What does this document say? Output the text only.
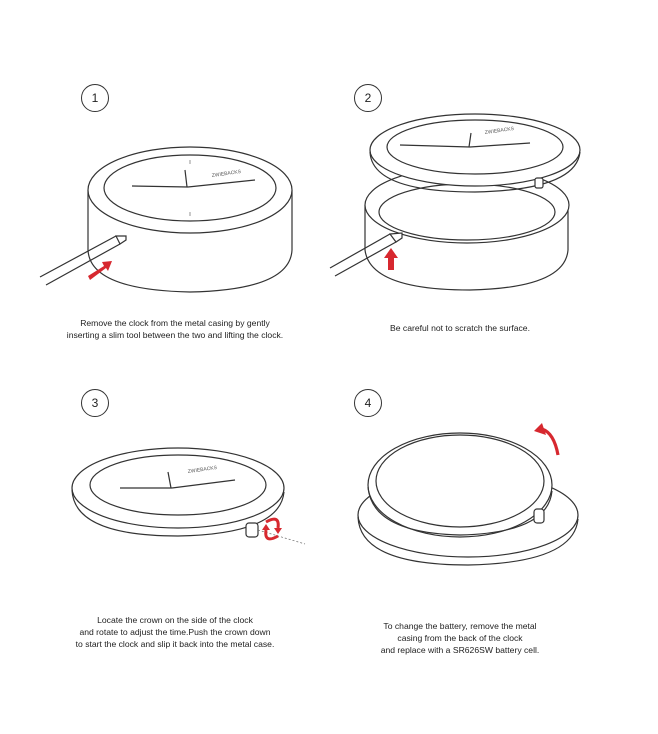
1
ZWIEBACKS
Remove the clock from the metal casing by gently
inserting a slim tool between the two and lifting the clock.
2
ZWIEBACKS
Be careful not to scratch the surface.
3
ZWIEBACKS
Locate the crown on the side of the clock
and rotate to adjust the time.Push the crown down
to start the clock and slip it back into the metal case.
4
To change the battery, remove the metal
casing from the back of the clock
and replace with a SR626SW battery cell.
